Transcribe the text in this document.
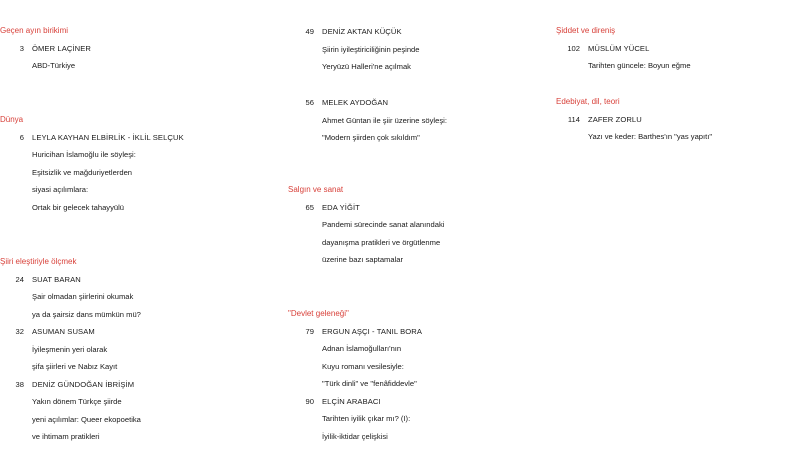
Geçen ayın birikimi
3 ÖMER LAÇİNER
ABD-Türkiye
Dünya
6 LEYLA KAYHAN ELBİRLİK - İKLİL SELÇUK
Huricihan İslamoğlu ile söyleşi:
Eşitsizlik ve mağduriyetlerden
siyasi açılımlara:
Ortak bir gelecek tahayyülü
Şiiri eleştiriyle ölçmek
24 SUAT BARAN
Şair olmadan şiirlerini okumak
ya da şairsiz dans mümkün mü?
32 ASUMAN SUSAM
İyileşmenin yeri olarak
şifa şiirleri ve Nabız Kayıt
38 DENİZ GÜNDOĞAN İBRİŞİM
Yakın dönem Türkçe şiirde
yeni açılımlar: Queer ekopoetika
ve ihtimam pratikleri
49 DENİZ AKTAN KÜÇÜK
Şiirin iyileştiriciliğinin peşinde
Yeryüzü Halleri'ne açılmak
56 MELEK AYDOĞAN
Ahmet Güntan ile şiir üzerine söyleşi:
"Modern şiirden çok sıkıldım"
Salgın ve sanat
65 EDA YİĞİT
Pandemi sürecinde sanat alanındaki
dayanışma pratikleri ve örgütlenme
üzerine bazı saptamalar
"Devlet geleneği"
79 ERGUN AŞÇI - TANIL BORA
Adnan İslamoğulları'nın
Kuyu romanı vesilesiyle:
"Türk dinli" ve "fenâfiddevle"
90 ELÇİN ARABACI
Tarihten iyilik çıkar mı? (I):
İyilik-iktidar çelişkisi
Şiddet ve direniş
102 MÜSLÜM YÜCEL
Tarihten güncele: Boyun eğme
Edebiyat, dil, teori
114 ZAFER ZORLU
Yazı ve keder: Barthes'ın "yas yapıtı"
